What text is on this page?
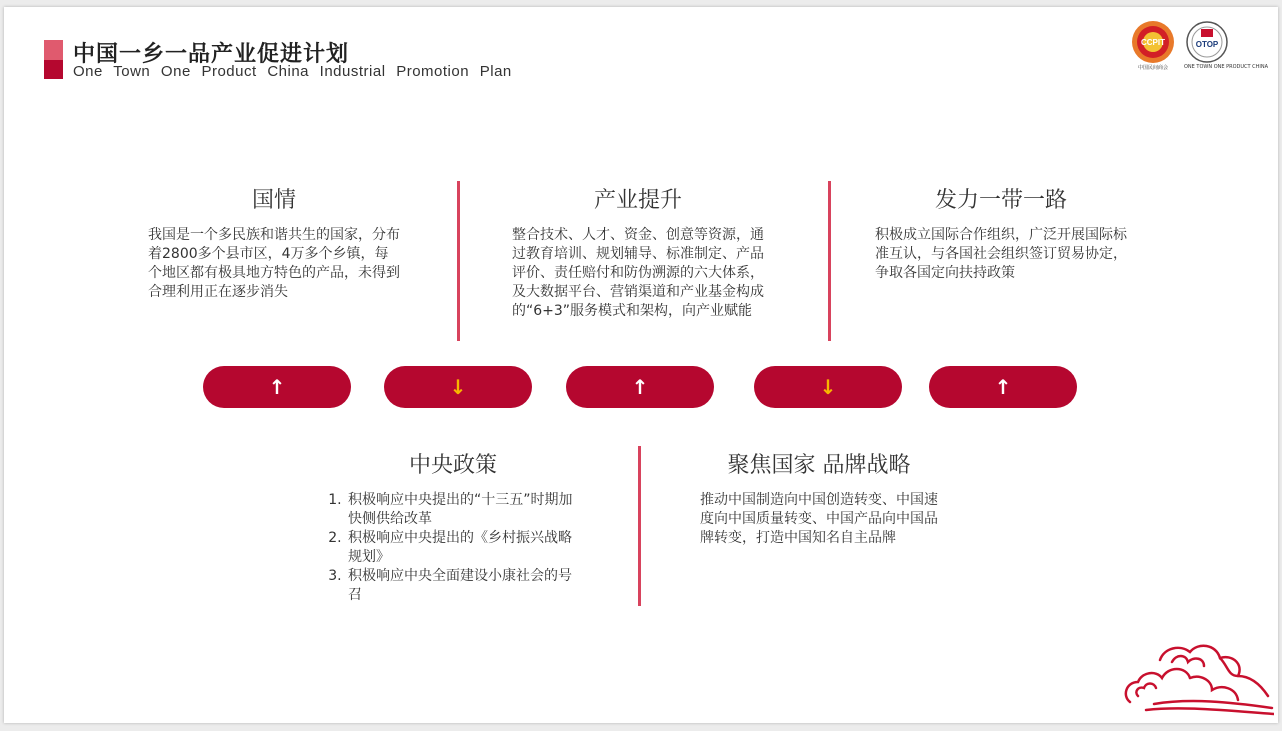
中国一乡一品产业促进计划
One Town One Product China Industrial Promotion Plan
CCPIT
中国民间商会
OTOP
ONE TOWN ONE PRODUCT CHINA
国情
我国是一个多民族和谐共生的国家，分布着2800多个县市区，4万多个乡镇，每个地区都有极具地方特色的产品，未得到合理利用正在逐步消失
产业提升
整合技术、人才、资金、创意等资源，通过教育培训、规划辅导、标准制定、产品评价、责任赔付和防伪溯源的六大体系，及大数据平台、营销渠道和产业基金构成的“6+3”服务模式和架构，向产业赋能
发力一带一路
积极成立国际合作组织，广泛开展国际标准互认，与各国社会组织签订贸易协定，争取各国定向扶持政策
↑	↓	↑	↓	↑
中央政策
1. 积极响应中央提出的“十三五”时期加快侧供给改革
2. 积极响应中央提出的《乡村振兴战略规划》
3. 积极响应中央全面建设小康社会的号召
聚焦国家 品牌战略
推动中国制造向中国创造转变、中国速度向中国质量转变、中国产品向中国品牌转变，打造中国知名自主品牌
